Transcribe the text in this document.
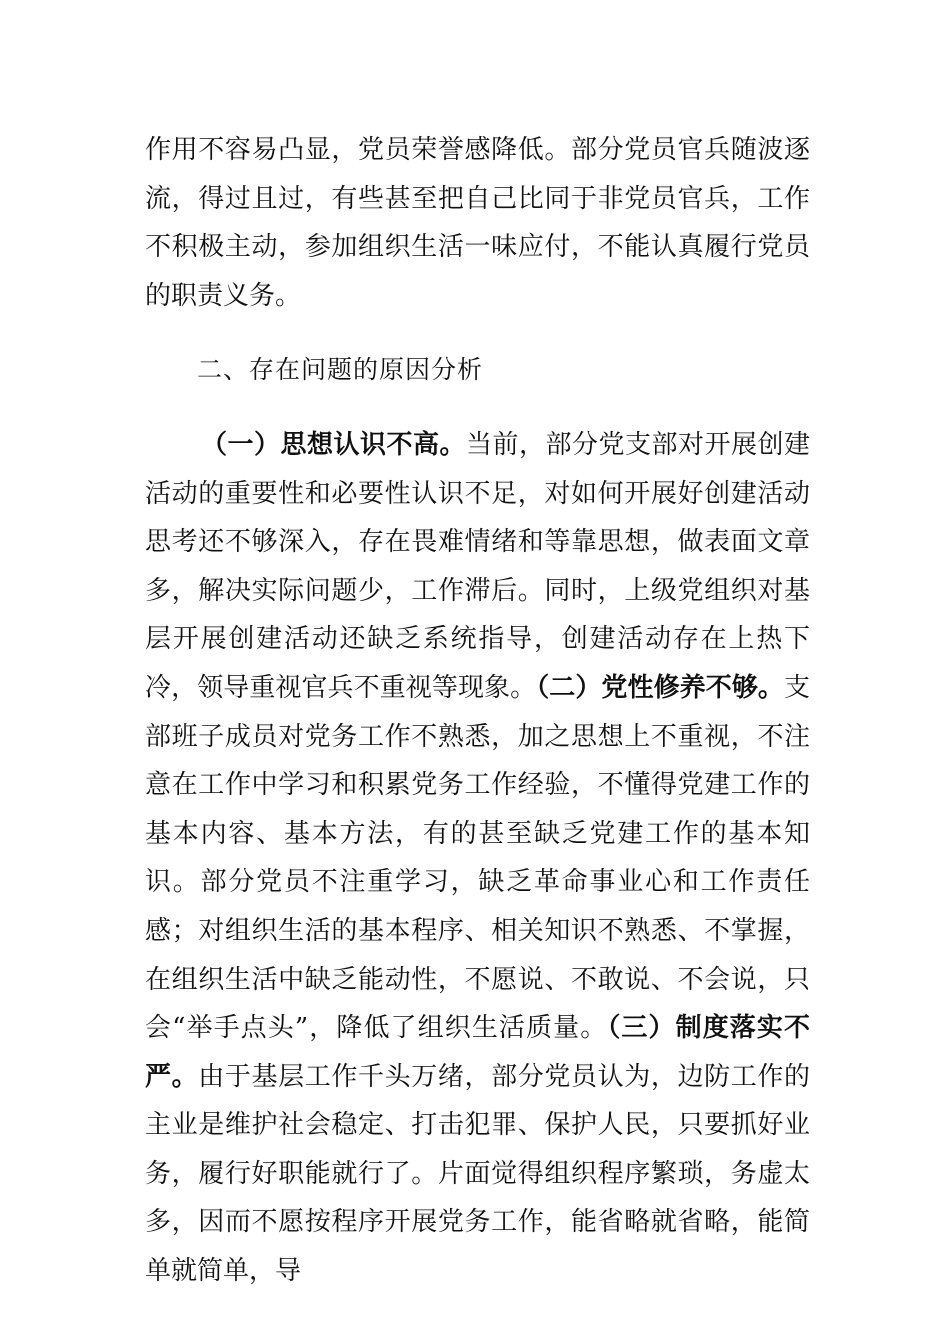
作用不容易凸显，党员荣誉感降低。部分党员官兵随波逐流，得过且过，有些甚至把自己比同于非党员官兵，工作不积极主动，参加组织生活一味应付，不能认真履行党员的职责义务。

二、存在问题的原因分析

（一）思想认识不高。当前，部分党支部对开展创建活动的重要性和必要性认识不足，对如何开展好创建活动思考还不够深入，存在畏难情绪和等靠思想，做表面文章多，解决实际问题少，工作滞后。同时，上级党组织对基层开展创建活动还缺乏系统指导，创建活动存在上热下冷，领导重视官兵不重视等现象。（二）党性修养不够。支部班子成员对党务工作不熟悉，加之思想上不重视，不注意在工作中学习和积累党务工作经验，不懂得党建工作的基本内容、基本方法，有的甚至缺乏党建工作的基本知识。部分党员不注重学习，缺乏革命事业心和工作责任感；对组织生活的基本程序、相关知识不熟悉、不掌握，在组织生活中缺乏能动性，不愿说、不敢说、不会说，只会“举手点头”，降低了组织生活质量。（三）制度落实不严。由于基层工作千头万绪，部分党员认为，边防工作的主业是维护社会稳定、打击犯罪、保护人民，只要抓好业务，履行好职能就行了。片面觉得组织程序繁琐，务虚太多，因而不愿按程序开展党务工作，能省略就省略，能简单就简单，导
